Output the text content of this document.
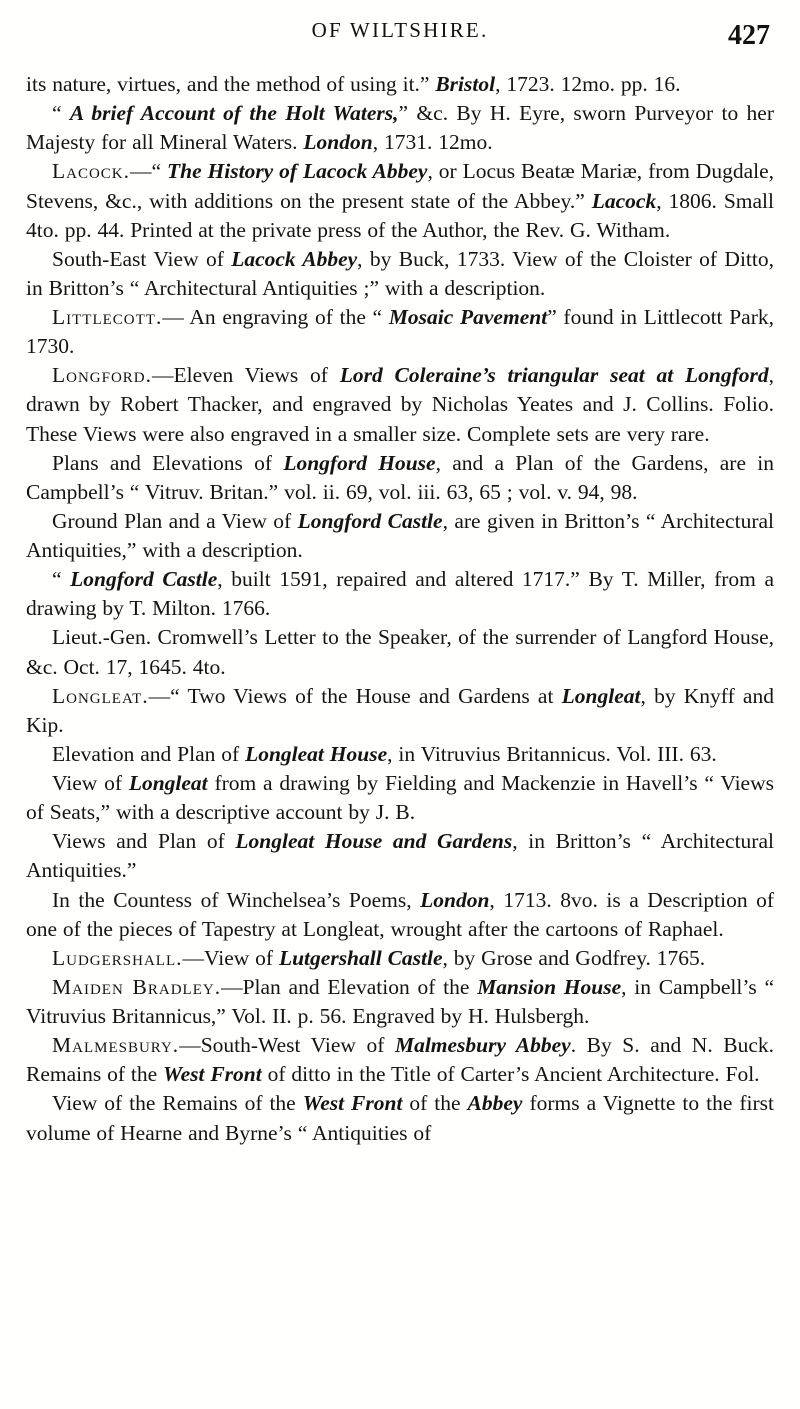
OF WILTSHIRE.	427

its nature, virtues, and the method of using it.” Bristol, 1723. 12mo. pp. 16.

“ A brief Account of the Holt Waters,” &c. By H. Eyre, sworn Purveyor to her Majesty for all Mineral Waters. London, 1731. 12mo.

Lacock.—“ The History of Lacock Abbey, or Locus Beatæ Mariæ, from Dugdale, Stevens, &c., with additions on the present state of the Abbey.” Lacock, 1806. Small 4to. pp. 44. Printed at the private press of the Author, the Rev. G. Witham.

South-East View of Lacock Abbey, by Buck, 1733. View of the Cloister of Ditto, in Britton’s “ Architectural Antiquities ;” with a description.

Littlecott.— An engraving of the “ Mosaic Pavement” found in Littlecott Park, 1730.

Longford.—Eleven Views of Lord Coleraine’s triangular seat at Longford, drawn by Robert Thacker, and engraved by Nicholas Yeates and J. Collins. Folio. These Views were also engraved in a smaller size. Complete sets are very rare.

Plans and Elevations of Longford House, and a Plan of the Gardens, are in Campbell’s “ Vitruv. Britan.” vol. ii. 69, vol. iii. 63, 65 ; vol. v. 94, 98.

Ground Plan and a View of Longford Castle, are given in Britton’s “ Architectural Antiquities,” with a description.

“ Longford Castle, built 1591, repaired and altered 1717.” By T. Miller, from a drawing by T. Milton. 1766.

Lieut.-Gen. Cromwell’s Letter to the Speaker, of the surrender of Langford House, &c. Oct. 17, 1645. 4to.

Longleat.—“ Two Views of the House and Gardens at Longleat, by Knyff and Kip.

Elevation and Plan of Longleat House, in Vitruvius Britannicus. Vol. III. 63.

View of Longleat from a drawing by Fielding and Mackenzie in Havell’s “ Views of Seats,” with a descriptive account by J. B.

Views and Plan of Longleat House and Gardens, in Britton’s “ Architectural Antiquities.”

In the Countess of Winchelsea’s Poems, London, 1713. 8vo. is a Description of one of the pieces of Tapestry at Longleat, wrought after the cartoons of Raphael.

Ludgershall.—View of Lutgershall Castle, by Grose and Godfrey. 1765.

Maiden Bradley.—Plan and Elevation of the Mansion House, in Campbell’s “ Vitruvius Britannicus,” Vol. II. p. 56. Engraved by H. Hulsbergh.

Malmesbury.—South-West View of Malmesbury Abbey. By S. and N. Buck. Remains of the West Front of ditto in the Title of Carter’s Ancient Architecture. Fol.

View of the Remains of the West Front of the Abbey forms a Vignette to the first volume of Hearne and Byrne’s “ Antiquities of
